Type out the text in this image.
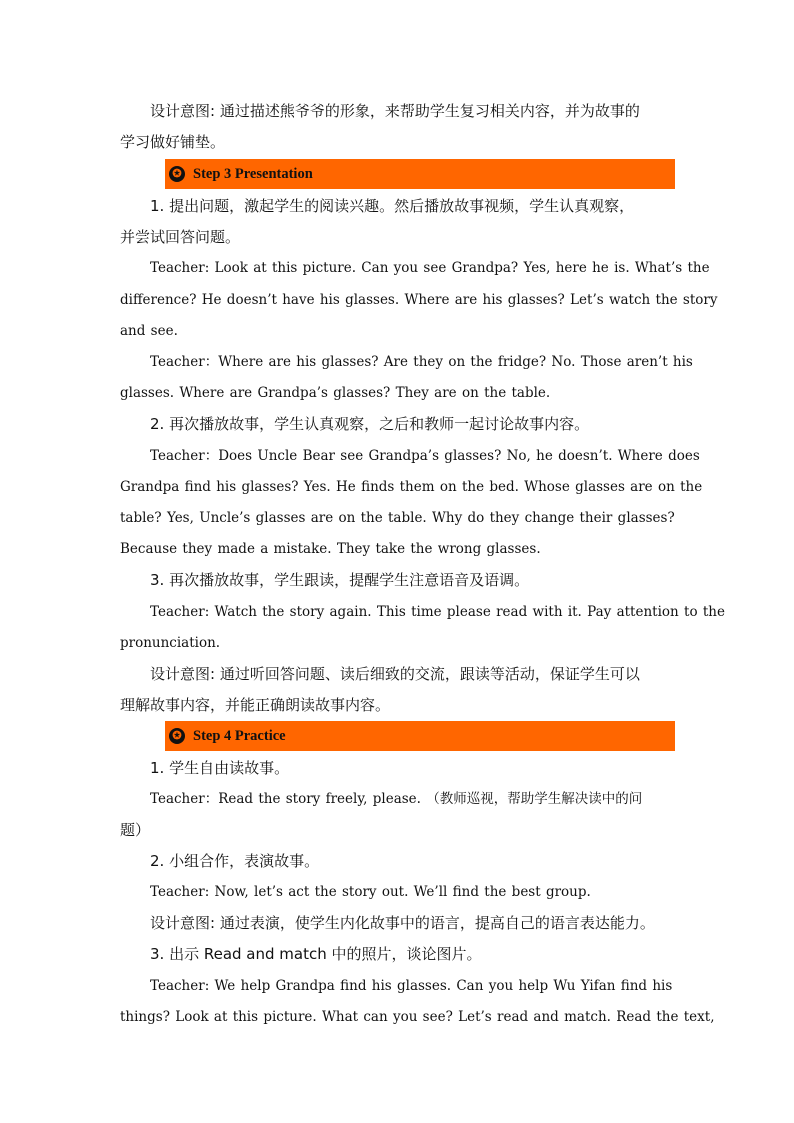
设计意图: 通过描述熊爷爷的形象，来帮助学生复习相关内容，并为故事的
学习做好铺垫。
✪ Step 3 Presentation
1. 提出问题，激起学生的阅读兴趣。然后播放故事视频，学生认真观察，
并尝试回答问题。
Teacher: Look at this picture. Can you see Grandpa? Yes, here he is. What’s the
difference? He doesn’t have his glasses. Where are his glasses? Let’s watch the story
and see.
Teacher：Where are his glasses? Are they on the fridge? No. Those aren’t his
glasses. Where are Grandpa’s glasses? They are on the table.
2. 再次播放故事，学生认真观察，之后和教师一起讨论故事内容。
Teacher：Does Uncle Bear see Grandpa’s glasses? No, he doesn’t. Where does
Grandpa find his glasses? Yes. He finds them on the bed. Whose glasses are on the
table? Yes, Uncle’s glasses are on the table. Why do they change their glasses?
Because they made a mistake. They take the wrong glasses.
3. 再次播放故事，学生跟读，提醒学生注意语音及语调。
Teacher: Watch the story again. This time please read with it. Pay attention to the
pronunciation.
设计意图: 通过听回答问题、读后细致的交流，跟读等活动，保证学生可以
理解故事内容，并能正确朗读故事内容。
✪ Step 4 Practice
1. 学生自由读故事。
Teacher：Read the story freely, please. （教师巡视，帮助学生解决读中的问
题）
2. 小组合作，表演故事。
Teacher: Now, let’s act the story out. We’ll find the best group.
设计意图: 通过表演，使学生内化故事中的语言，提高自己的语言表达能力。
3. 出示 Read and match 中的照片，谈论图片。
Teacher: We help Grandpa find his glasses. Can you help Wu Yifan find his
things? Look at this picture. What can you see? Let’s read and match. Read the text,
